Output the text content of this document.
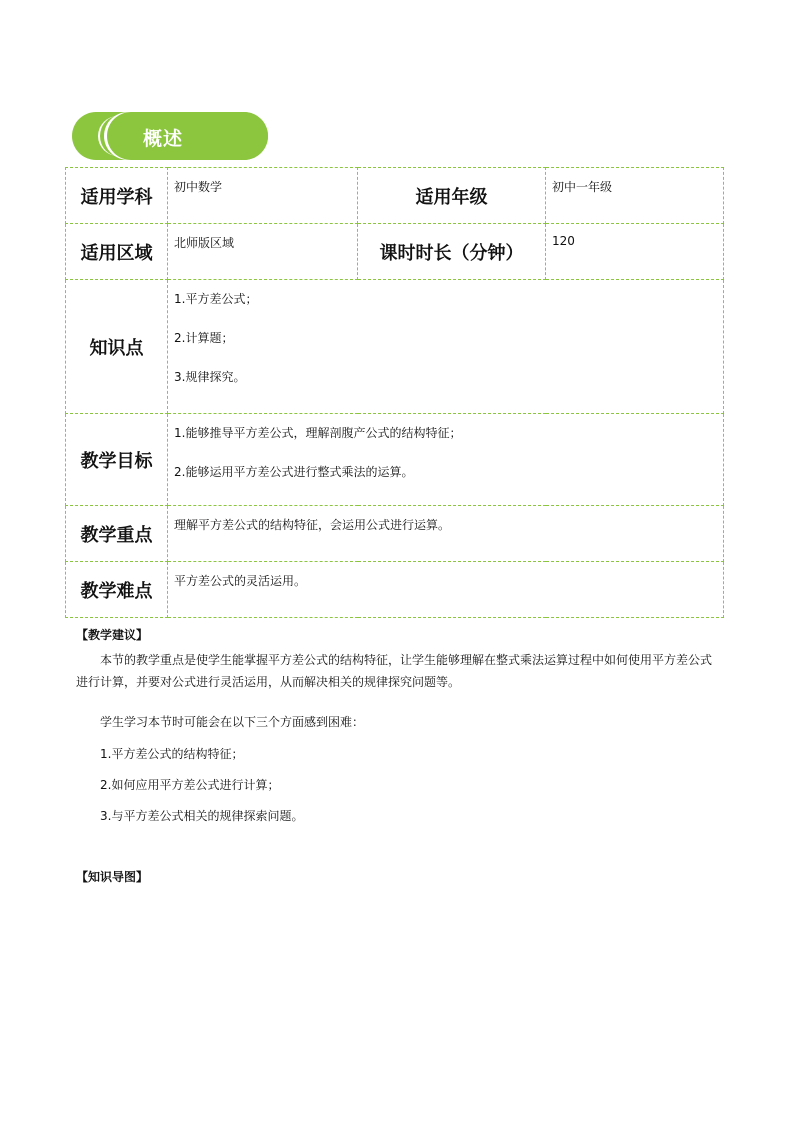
概述
适用学科	初中数学	适用年级	初中一年级
适用区域	北师版区域	课时时长（分钟）	120
知识点	1.平方差公式；
2.计算题；
3.规律探究。		

教学目标	1.能够推导平方差公式，理解剖腹产公式的结构特征；
2.能够运用平方差公式进行整式乘法的运算。		

教学重点	理解平方差公式的结构特征，会运用公式进行运算。		
教学难点	平方差公式的灵活运用。		
【教学建议】
本节的教学重点是使学生能掌握平方差公式的结构特征，让学生能够理解在整式乘法运算过程中如何使用平方差公式进行计算，并要对公式进行灵活运用，从而解决相关的规律探究问题等。
学生学习本节时可能会在以下三个方面感到困难：
1.平方差公式的结构特征；
2.如何应用平方差公式进行计算；
3.与平方差公式相关的规律探索问题。
【知识导图】
